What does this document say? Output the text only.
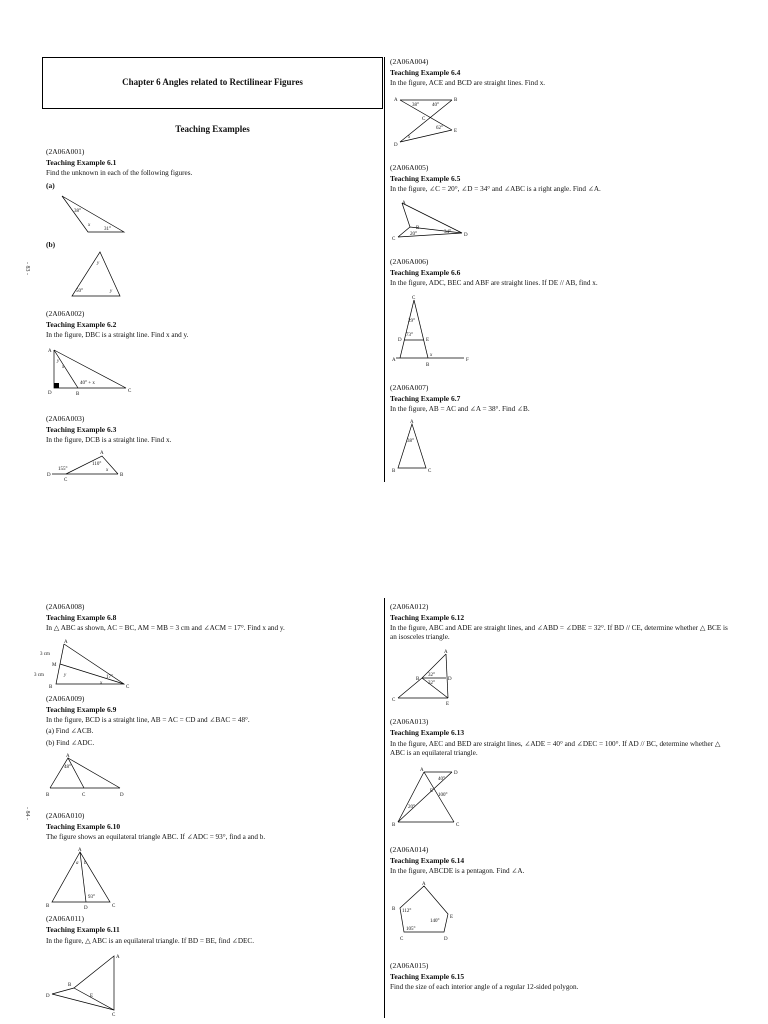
Chapter 6 Angles related to Rectilinear Figures
Teaching Examples
- 83 -
(2A06A001)
Teaching Example 6.1
Find the unknown in each of the following figures.
(a)
38°
x
31°
(b)
y
50°	y
(2A06A002)
Teaching Example 6.2
In the figure, DBC is a straight line. Find x and y.
A
y
x
D	B
40° + x
C
(2A06A003)
Teaching Example 6.3
In the figure, DCB is a straight line. Find x.
A
155°
110°
x
D
C
B
(2A06A004)
Teaching Example 6.4
In the figure, ACE and BCD are straight lines. Find x.
A
38°	40°
B
C
x
62°
E
D
(2A06A005)
Teaching Example 6.5
In the figure, ∠C = 20°, ∠D = 34° and ∠ABC is a right angle. Find ∠A.
A
B
20°	34°
C
D
(2A06A006)
Teaching Example 6.6
In the figure, ADC, BEC and ABF are straight lines. If DE // AB, find x.
C
29°
73°
D	E
x
A
B
F
(2A06A007)
Teaching Example 6.7
In the figure, AB = AC and ∠A = 38°. Find ∠B.
A
38°
B	C
- 84 -
(2A06A008)
Teaching Example 6.8
In △ ABC as shown, AC = BC, AM = MB = 3 cm and ∠ACM = 17°. Find x and y.
A
3 cm
M
3 cm	y	17°
x
B	C
(2A06A009)
Teaching Example 6.9
In the figure, BCD is a straight line, AB = AC = CD and ∠BAC = 48°.
(a) Find ∠ACB.
(b) Find ∠ADC.
A
48°
B	C	D
(2A06A010)
Teaching Example 6.10
The figure shows an equilateral triangle ABC. If ∠ADC = 93°, find a and b.
A
a b
93°
B	D	C
(2A06A011)
Teaching Example 6.11
In the figure, △ ABC is an equilateral triangle. If BD = BE, find ∠DEC.
A
B
D	E
C
(2A06A012)
Teaching Example 6.12
In the figure, ABC and ADE are straight lines, and ∠ABD = ∠DBE = 32°. If BD // CE, determine whether △ BCE is an isosceles triangle.
A
32°
32°
D
B
C
E
(2A06A013)
Teaching Example 6.13
In the figure, AEC and BED are straight lines, ∠ADE = 40° and ∠DEC = 100°. If AD // BC, determine whether △ ABC is an equilateral triangle.
A
40°
D
E
100°
20°
B	C
(2A06A014)
Teaching Example 6.14
In the figure, ABCDE is a pentagon. Find ∠A.
A
112°
B
140°
E
105°
C	D
(2A06A015)
Teaching Example 6.15
Find the size of each interior angle of a regular 12-sided polygon.
